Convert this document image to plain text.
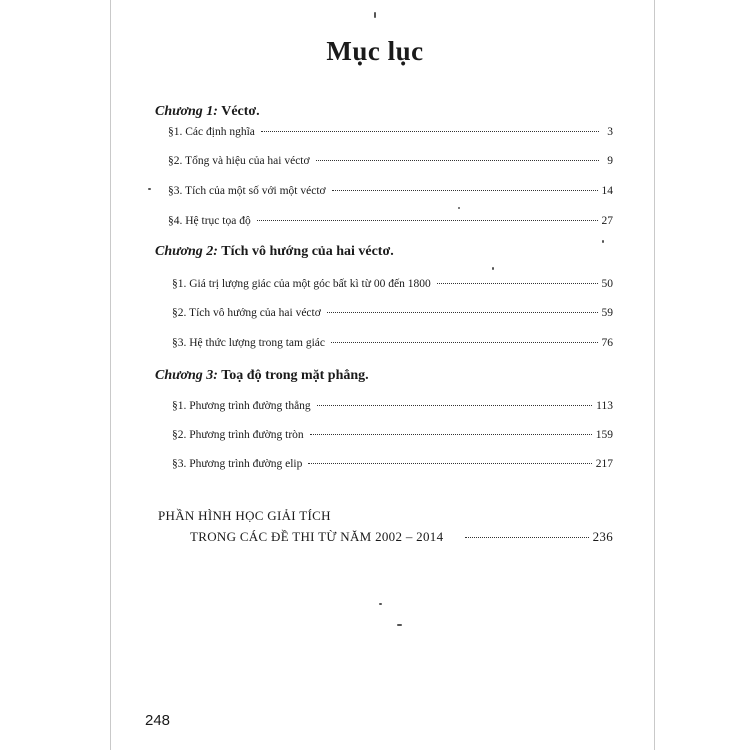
Mục lục
Chương 1: Véctơ.
§1. Các định nghĩa	3
§2. Tổng và hiệu của hai véctơ	9
§3. Tích của một số với một véctơ	14
§4. Hệ trục tọa độ	27
Chương 2: Tích vô hướng của hai véctơ.
§1. Giá trị lượng giác của một góc bất kì từ 00 đến 1800	50
§2. Tích vô hướng của hai véctơ	59
§3. Hệ thức lượng trong tam giác	76
Chương 3: Toạ độ trong mặt phẳng.
§1. Phương trình đường thẳng	113
§2. Phương trình đường tròn	159
§3. Phương trình đường elip	217
PHẦN HÌNH HỌC GIẢI TÍCH
TRONG CÁC ĐỀ THI TỪ NĂM 2002 – 2014	236
248
